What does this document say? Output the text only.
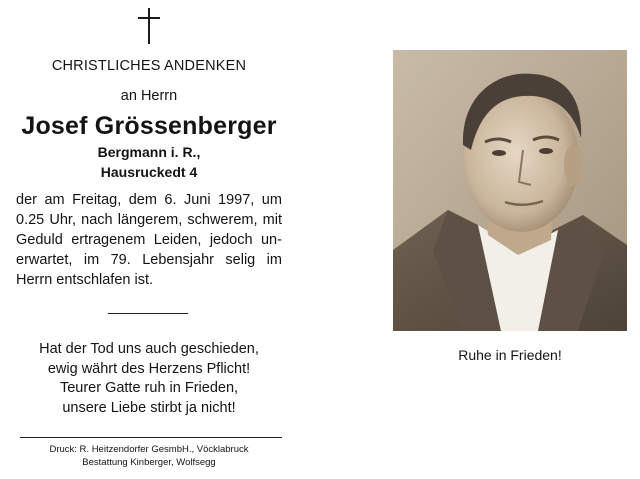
CHRISTLICHES ANDENKEN
an Herrn
Josef Grössenberger
Bergmann i. R.,
Hausruckedt 4
der am Freitag, dem 6. Juni 1997, um
0.25 Uhr, nach längerem, schwerem, mit
Geduld ertragenem Leiden, jedoch un-
erwartet, im 79. Lebensjahr selig im
Herrn entschlafen ist.
Hat der Tod uns auch geschieden,
ewig währt des Herzens Pflicht!
Teurer Gatte ruh in Frieden,
unsere Liebe stirbt ja nicht!
Druck: R. Heitzendorfer GesmbH., Vöcklabruck
Bestattung Kinberger, Wolfsegg
Ruhe in Frieden!
